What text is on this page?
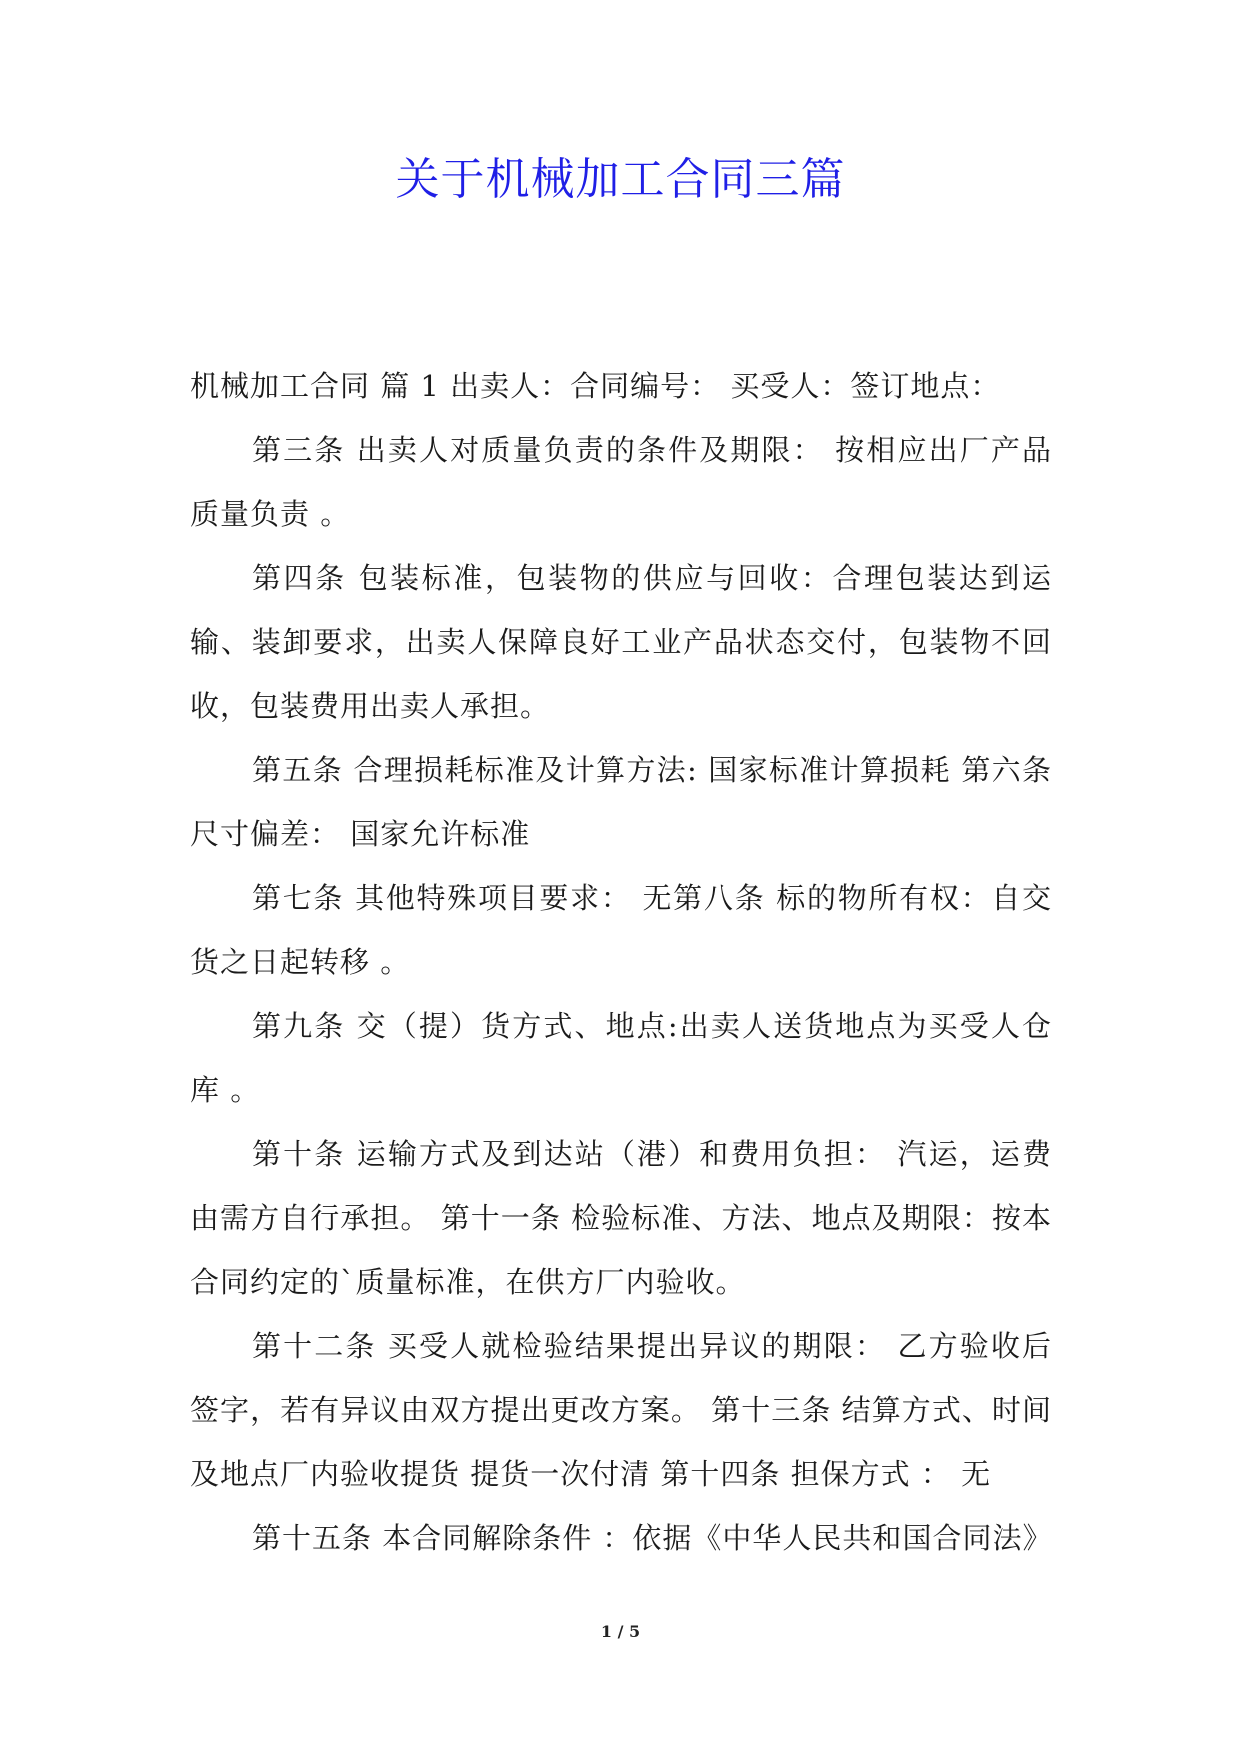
关于机械加工合同三篇

机械加工合同 篇 1 出卖人：合同编号： 买受人：签订地点：

第三条 出卖人对质量负责的条件及期限： 按相应出厂产品质量负责 。

第四条 包装标准，包装物的供应与回收：合理包装达到运输、装卸要求，出卖人保障良好工业产品状态交付，包装物不回收，包装费用出卖人承担。

第五条 合理损耗标准及计算方法: 国家标准计算损耗 第六条 尺寸偏差： 国家允许标准

第七条 其他特殊项目要求： 无第八条 标的物所有权：自交货之日起转移 。

第九条 交（提）货方式、地点:出卖人送货地点为买受人仓库 。

第十条 运输方式及到达站（港）和费用负担： 汽运，运费由需方自行承担。 第十一条 检验标准、方法、地点及期限：按本合同约定的`质量标准，在供方厂内验收。

第十二条 买受人就检验结果提出异议的期限： 乙方验收后签字，若有异议由双方提出更改方案。 第十三条 结算方式、时间及地点厂内验收提货 提货一次付清 第十四条 担保方式 ： 无

第十五条 本合同解除条件 ：依据《中华人民共和国合同法》

1 / 5
